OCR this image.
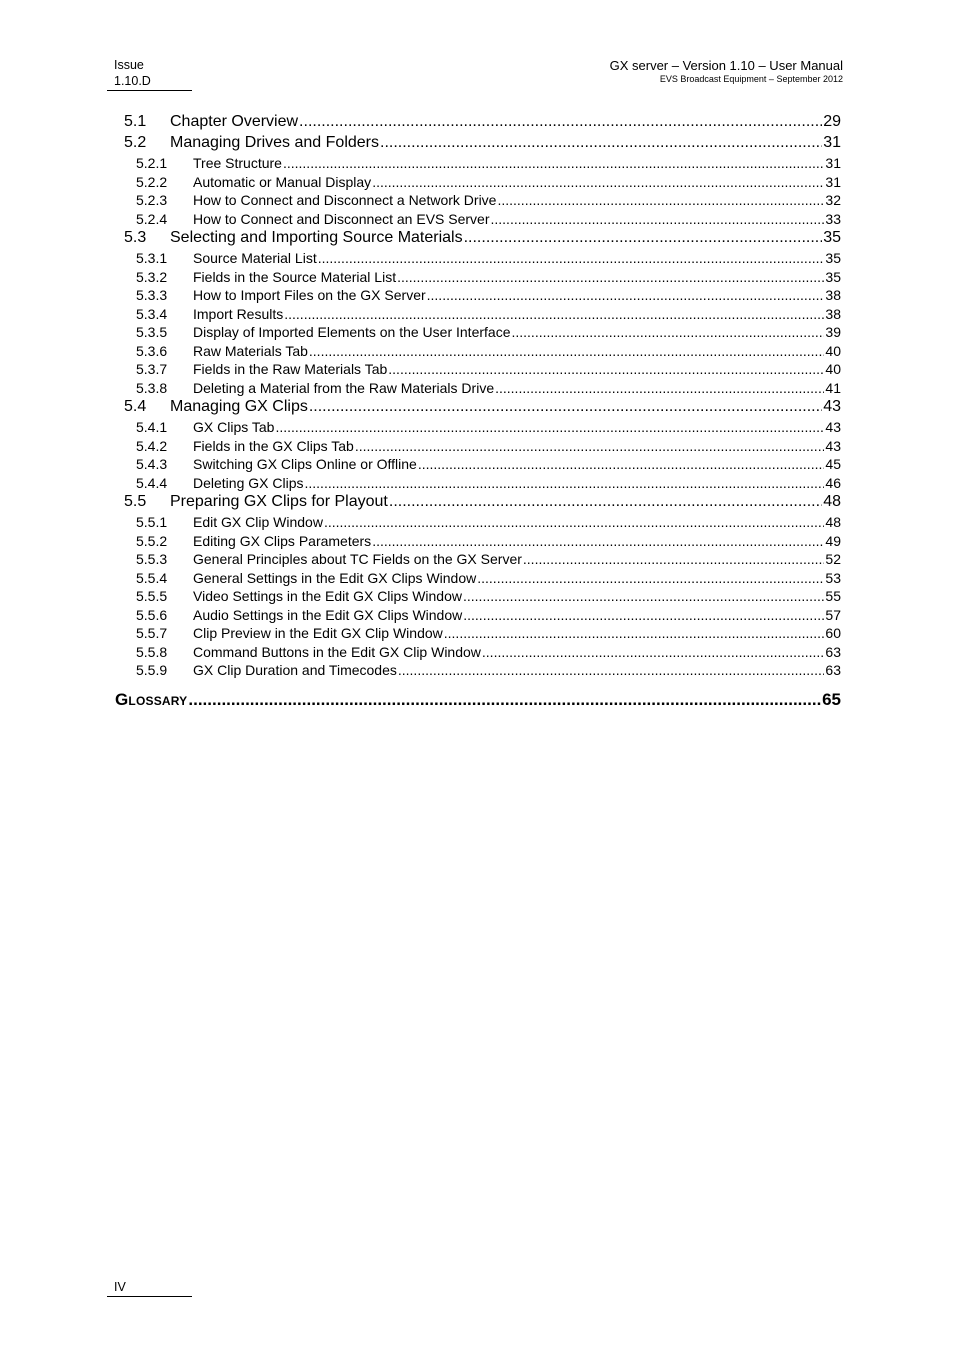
Issue
1.10.D
GX server – Version 1.10 – User Manual
EVS Broadcast Equipment – September 2012
5.1	Chapter Overview .....	29
5.2	Managing Drives and Folders .....	31
5.2.1	Tree Structure .....	31
5.2.2	Automatic or Manual Display .....	31
5.2.3	How to Connect and Disconnect a Network Drive .....	32
5.2.4	How to Connect and Disconnect an EVS Server .....	33
5.3	Selecting and Importing Source Materials .....	35
5.3.1	Source Material List .....	35
5.3.2	Fields in the Source Material List .....	35
5.3.3	How to Import Files on the GX Server .....	38
5.3.4	Import Results .....	38
5.3.5	Display of Imported Elements on the User Interface .....	39
5.3.6	Raw Materials Tab .....	40
5.3.7	Fields in the Raw Materials Tab .....	40
5.3.8	Deleting a Material from the Raw Materials Drive .....	41
5.4	Managing GX Clips .....	43
5.4.1	GX Clips Tab .....	43
5.4.2	Fields in the GX Clips Tab .....	43
5.4.3	Switching GX Clips Online or Offline .....	45
5.4.4	Deleting GX Clips .....	46
5.5	Preparing GX Clips for Playout .....	48
5.5.1	Edit GX Clip Window .....	48
5.5.2	Editing GX Clips Parameters .....	49
5.5.3	General Principles about TC Fields on the GX Server .....	52
5.5.4	General Settings in the Edit GX Clips Window .....	53
5.5.5	Video Settings in the Edit GX Clips Window .....	55
5.5.6	Audio Settings in the Edit GX Clips Window .....	57
5.5.7	Clip Preview in the Edit GX Clip Window .....	60
5.5.8	Command Buttons in the Edit GX Clip Window .....	63
5.5.9	GX Clip Duration and Timecodes .....	63
Glossary .....	65
IV
